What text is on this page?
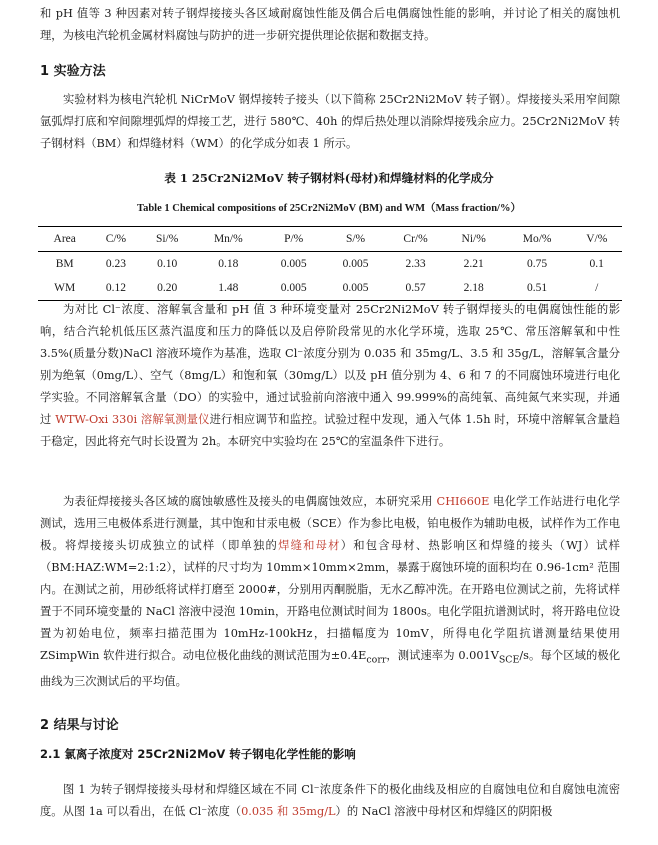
和 pH 值等 3 种因素对转子钢焊接接头各区域耐腐蚀性能及偶合后电偶腐蚀性能的影响，并讨论了相关的腐蚀机理，为核电汽轮机金属材料腐蚀与防护的进一步研究提供理论依据和数据支持。

1 实验方法

实验材料为核电汽轮机 NiCrMoV 钢焊接转子接头（以下简称 25Cr2Ni2MoV 转子钢）。焊接接头采用窄间隙氩弧焊打底和窄间隙埋弧焊的焊接工艺，进行 580℃、40h 的焊后热处理以消除焊接残余应力。25Cr2Ni2MoV 转子钢材料（BM）和焊缝材料（WM）的化学成分如表 1 所示。

表 1 25Cr2Ni2MoV 转子钢材料(母材)和焊缝材料的化学成分
Table 1 Chemical compositions of 25Cr2Ni2MoV (BM) and WM（Mass fraction/%）
Area	C/%	Si/%	Mn/%	P/%	S/%	Cr/%	Ni/%	Mo/%	V/%
BM	0.23	0.10	0.18	0.005	0.005	2.33	2.21	0.75	0.1
WM	0.12	0.20	1.48	0.005	0.005	0.57	2.18	0.51	/

为对比 Cl⁻浓度、溶解氧含量和 pH 值 3 种环境变量对 25Cr2Ni2MoV 转子钢焊接头的电偶腐蚀性能的影响，结合汽轮机低压区蒸汽温度和压力的降低以及启停阶段常见的水化学环境，选取 25℃、常压溶解氧和中性 3.5%(质量分数)NaCl 溶液环境作为基准，选取 Cl⁻浓度分别为 0.035 和 35mg/L、3.5 和 35g/L，溶解氧含量分别为绝氧（0mg/L）、空气（8mg/L）和饱和氧（30mg/L）以及 pH 值分别为 4、6 和 7 的不同腐蚀环境进行电化学实验。不同溶解氧含量（DO）的实验中，通过试验前向溶液中通入 99.999%的高纯氧、高纯氮气来实现，并通过 WTW-Oxi 330i 溶解氧测量仪进行相应调节和监控。试验过程中发现，通入气体 1.5h 时，环境中溶解氧含量趋于稳定，因此将充气时长设置为 2h。本研究中实验均在 25℃的室温条件下进行。

为表征焊接接头各区域的腐蚀敏感性及接头的电偶腐蚀效应，本研究采用 CHI660E 电化学工作站进行电化学测试，选用三电极体系进行测量，其中饱和甘汞电极（SCE）作为参比电极，铂电极作为辅助电极，试样作为工作电极。将焊接接头切成独立的试样（即单独的焊缝和母材）和包含母材、热影响区和焊缝的接头（WJ）试样（BM:HAZ:WM=2:1:2），试样的尺寸均为 10mm×10mm×2mm，暴露于腐蚀环境的面积均在 0.96-1cm² 范围内。在测试之前，用砂纸将试样打磨至 2000#，分别用丙酮脱脂，无水乙醇冲洗。在开路电位测试之前，先将试样置于不同环境变量的 NaCl 溶液中浸泡 10min，开路电位测试时间为 1800s。电化学阻抗谱测试时，将开路电位设置为初始电位，频率扫描范围为 10mHz-100kHz，扫描幅度为 10mV，所得电化学阻抗谱测量结果使用 ZSimpWin 软件进行拟合。动电位极化曲线的测试范围为$\pm 0.4E_{corr}$，测试速率为 $0.001V_{SCE}/s$。每个区域的极化曲线为三次测试后的平均值。

2 结果与讨论
2.1 氯离子浓度对 25Cr2Ni2MoV 转子钢电化学性能的影响

图 1 为转子钢焊接接头母材和焊缝区域在不同 Cl⁻浓度条件下的极化曲线及相应的自腐蚀电位和自腐蚀电流密度。从图 1a 可以看出，在低 Cl⁻浓度（0.035 和 35mg/L）的 NaCl 溶液中母材区和焊缝区的阴阳极
